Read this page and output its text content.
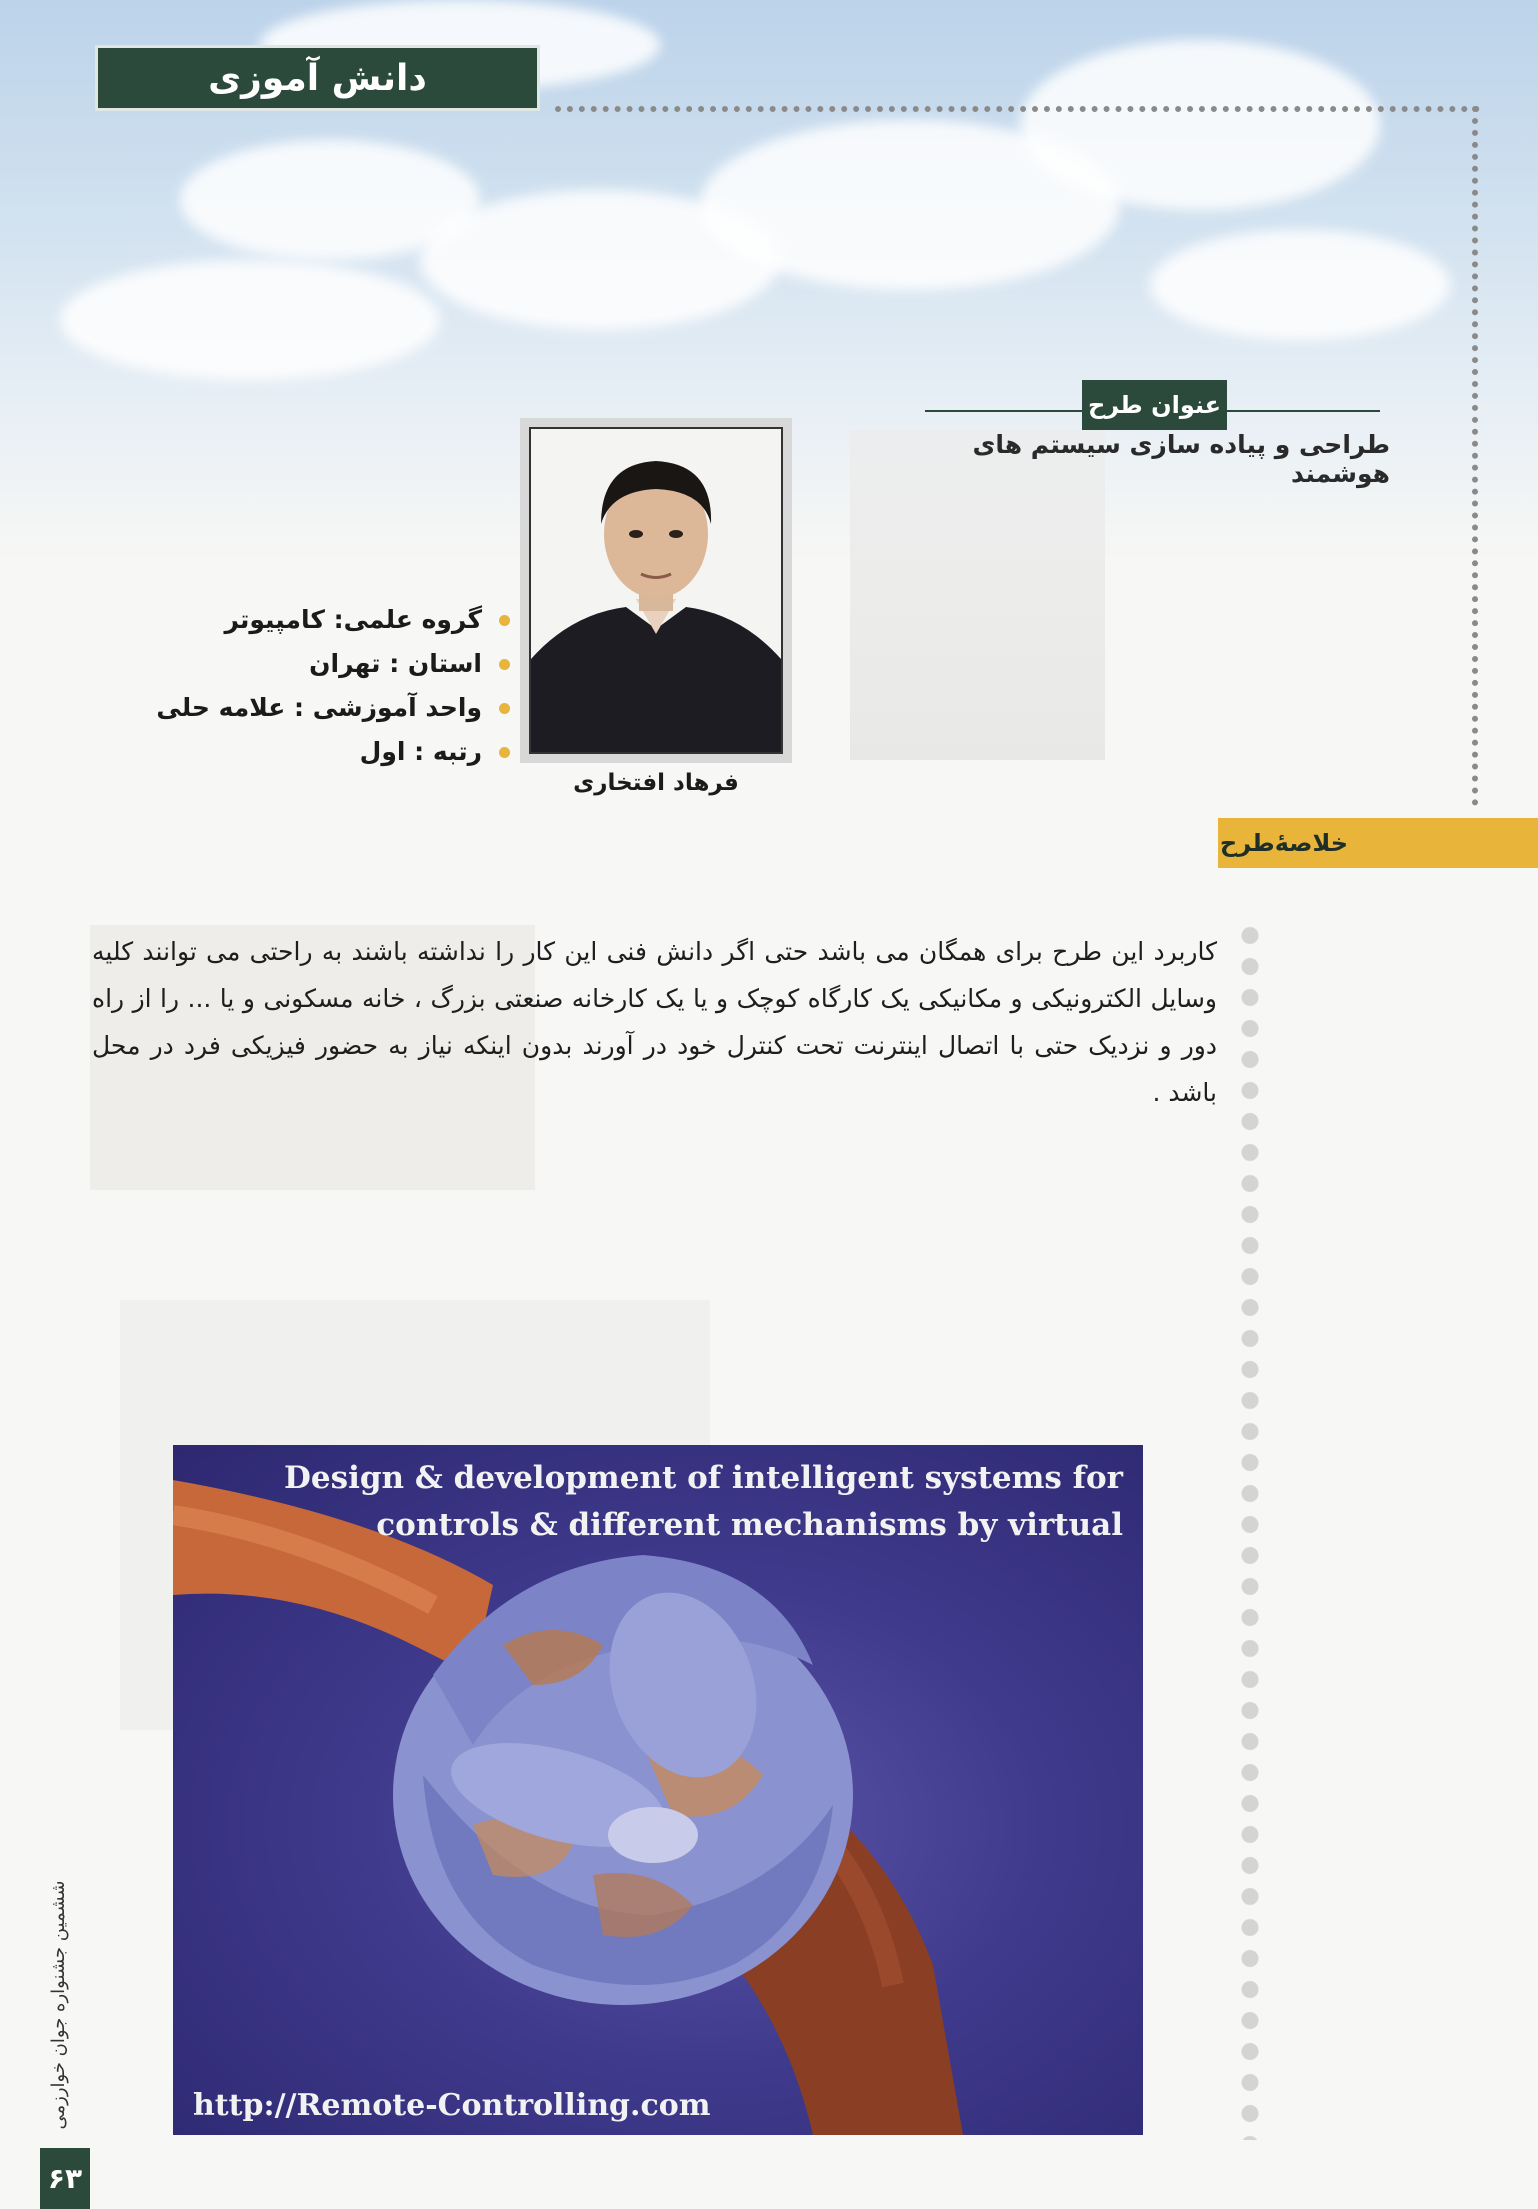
دانش آموزی
عنوان طرح
طراحی و پیاده سازی سیستم های هوشمند
فرهاد افتخاری
گروه علمی: کامپیوتر
استان : تهران
واحد آموزشی : علامه حلی
رتبه : اول
خلاصۀطرح
کاربرد این طرح برای همگان می باشد حتی اگر دانش فنی این کار را نداشته باشند به راحتی می توانند کلیه وسایل الکترونیکی و مکانیکی یک کارگاه کوچک و یا یک کارخانه صنعتی بزرگ ، خانه مسکونی و یا ... را از راه دور و نزدیک حتی با اتصال اینترنت تحت کنترل خود در آورند بدون اینکه نیاز به حضور فیزیکی فرد در محل باشد .
Design & development of intelligent systems for
controls & different mechanisms by virtual
http://Remote-Controlling.com
ششمین جشنواره جوان خوارزمی
۶۳
